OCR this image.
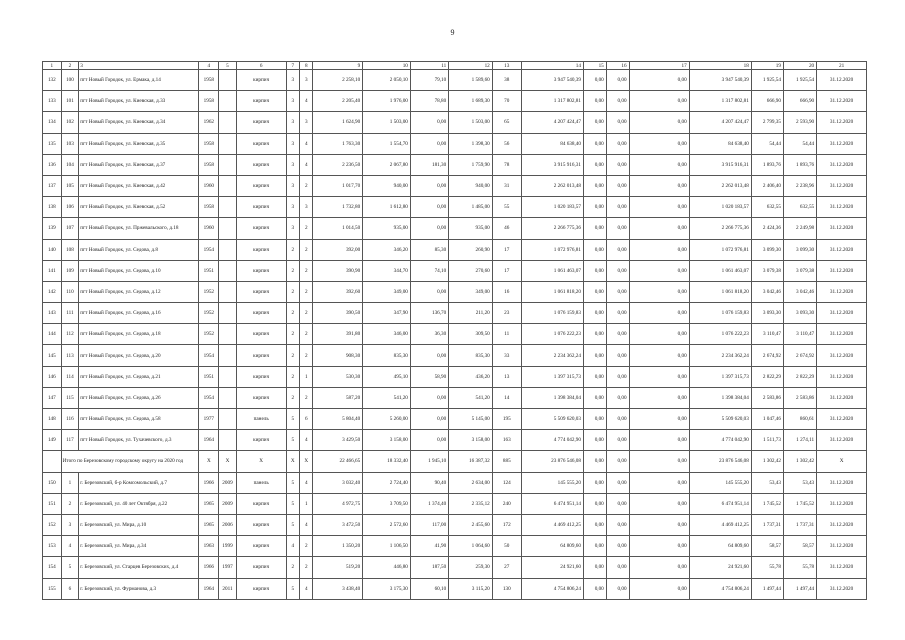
9
1	2	3	4	5	6	7	8	9	10	11	12	13	14	15	16	17	18	19	20	21
132	100	пгт Новый Городок, ул. Ермака, д.14	1958		кирпич	3	3	2 258,10	2 050,10	79,10	1 589,60	38	3 947 540,39	0,00	0,00	0,00	3 947 540,39	1 925,54	1 925,54	31.12.2020
133	101	пгт Новый Городок, ул. Киевская, д.33	1958		кирпич	3	4	2 205,40	1 976,00	78,80	1 689,30	70	1 317 802,81	0,00	0,00	0,00	1 317 802,81	666,90	666,90	31.12.2020
134	102	пгт Новый Городок, ул. Киевская, д.34	1962		кирпич	3	3	1 624,90	1 503,00	0,00	1 503,00	65	4 207 424,47	0,00	0,00	0,00	4 207 424,47	2 799,35	2 593,90	31.12.2020
135	103	пгт Новый Городок, ул. Киевская, д.35	1958		кирпич	3	4	1 763,30	1 554,70	0,00	1 398,30	56	84 638,40	0,00	0,00	0,00	84 638,40	54,44	54,44	31.12.2020
136	104	пгт Новый Городок, ул. Киевская, д.37	1958		кирпич	3	4	2 236,50	2 067,80	181,30	1 759,90	78	3 915 916,31	0,00	0,00	0,00	3 915 916,31	1 893,76	1 893,76	31.12.2020
137	105	пгт Новый Городок, ул. Киевская, д.42	1960		кирпич	3	2	1 017,70	940,00	0,00	940,00	31	2 262 013,48	0,00	0,00	0,00	2 262 013,48	2 406,40	2 238,96	31.12.2020
138	106	пгт Новый Городок, ул. Киевская, д.52	1958		кирпич	3	3	1 732,80	1 612,80	0,00	1 485,00	55	1 020 183,57	0,00	0,00	0,00	1 020 183,57	632,55	632,55	31.12.2020
139	107	пгт Новый Городок, ул. Пржевальского, д.18	1960		кирпич	3	2	1 014,50	935,00	0,00	935,00	46	2 266 775,36	0,00	0,00	0,00	2 266 775,36	2 424,36	2 249,98	31.12.2020
140	108	пгт Новый Городок, ул. Седова, д.8	1954		кирпич	2	2	392,00	346,20	85,30	260,90	17	1 072 976,81	0,00	0,00	0,00	1 072 976,81	3 099,30	3 099,30	31.12.2020
141	109	пгт Новый Городок, ул. Седова, д.10	1951		кирпич	2	2	390,90	344,70	74,10	270,60	17	1 061 463,07	0,00	0,00	0,00	1 061 463,07	3 079,38	3 079,38	31.12.2020
142	110	пгт Новый Городок, ул. Седова, д.12	1952		кирпич	2	2	392,60	349,00	0,00	349,00	16	1 061 818,20	0,00	0,00	0,00	1 061 818,20	3 042,46	3 042,46	31.12.2020
143	111	пгт Новый Городок, ул. Седова, д.16	1952		кирпич	2	2	390,50	347,90	136,70	211,20	23	1 076 159,83	0,00	0,00	0,00	1 076 159,83	3 093,30	3 093,30	31.12.2020
144	112	пгт Новый Городок, ул. Седова, д.18	1952		кирпич	2	2	391,80	346,00	36,30	309,50	11	1 076 222,23	0,00	0,00	0,00	1 076 222,23	3 110,47	3 110,47	31.12.2020
145	113	пгт Новый Городок, ул. Седова, д.20	1954		кирпич	2	2	908,30	835,30	0,00	835,30	33	2 234 362,24	0,00	0,00	0,00	2 234 362,24	2 674,92	2 674,92	31.12.2020
146	114	пгт Новый Городок, ул. Седова, д.21	1951		кирпич	2	1	530,30	495,10	58,90	436,20	13	1 397 315,73	0,00	0,00	0,00	1 397 315,73	2 822,29	2 822,29	31.12.2020
147	115	пгт Новый Городок, ул. Седова, д.26	1954		кирпич	2	2	587,20	541,20	0,00	541,20	14	1 398 384,04	0,00	0,00	0,00	1 398 384,04	2 583,86	2 583,86	31.12.2020
148	116	пгт Новый Городок, ул. Седова, д.58	1977		панель	5	6	5 804,40	5 260,00	0,00	5 145,00	195	5 509 620,03	0,00	0,00	0,00	5 509 620,03	1 047,46	860,61	31.12.2020
149	117	пгт Новый Городок, ул. Тухачевского, д.3	1964		кирпич	5	4	3 429,50	3 158,00	0,00	3 158,00	163	4 774 042,90	0,00	0,00	0,00	4 774 042,90	1 511,73	1 274,11	31.12.2020
	Итого по Березовскому городскому округу на 2020 год		X	X	X	X	X	22 466,65	18 332,40	1 945,10	16 387,32	885	23 876 546,08	0,00	0,00	0,00	23 876 546,08	1 302,42	1 302,42	X
150	1	г. Березовский, б-р Комсомольский, д.7	1966	2009	панель	5	4	3 032,40	2 724,40	90,40	2 634,00	124	145 555,20	0,00	0,00	0,00	145 555,20	53,43	53,43	31.12.2020
151	2	г. Березовский, ул. 40 лет Октября, д.22	1965	2009	кирпич	5	1	4 972,75	3 709,50	1 374,40	2 335,12	240	6 474 951,14	0,00	0,00	0,00	6 474 951,14	1 745,52	1 745,52	31.12.2020
152	3	г. Березовский, ул. Мира, д.10	1965	2006	кирпич	5	4	3 472,50	2 572,60	117,00	2 455,60	172	4 469 412,25	0,00	0,00	0,00	4 469 412,25	1 737,31	1 737,31	31.12.2020
153	4	г. Березовский, ул. Мира, д.34	1963	1999	кирпич	4	2	1 350,20	1 106,50	41,90	1 064,60	50	64 809,60	0,00	0,00	0,00	64 809,60	58,57	58,57	31.12.2020
154	5	г. Березовский, ул. Старцев Березовских, д.4	1966	1997	кирпич	2	2	519,20	446,80	187,50	259,30	27	24 921,60	0,00	0,00	0,00	24 921,60	55,78	55,78	31.12.2020
155	6	г. Березовский, ул. Фурманова, д.3	1964	2011	кирпич	5	4	3 438,40	3 175,30	60,10	3 115,20	130	4 754 806,24	0,00	0,00	0,00	4 754 806,24	1 497,44	1 497,44	31.12.2020
